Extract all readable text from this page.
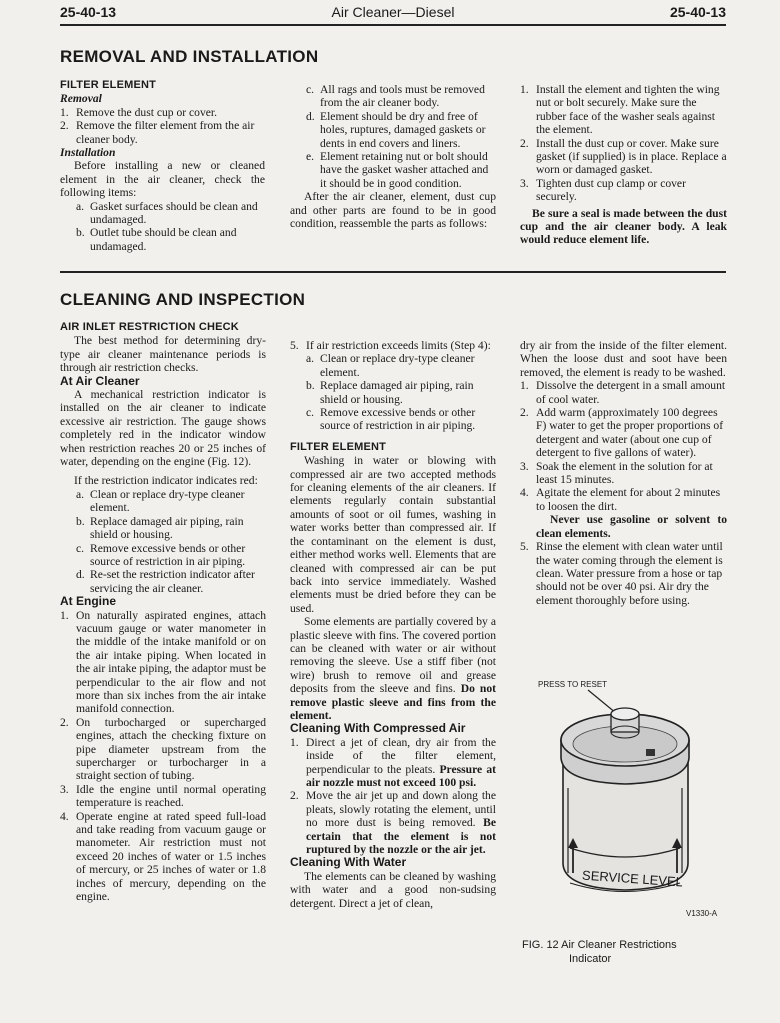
25-40-13	Air Cleaner—Diesel	25-40-13
REMOVAL AND INSTALLATION

FILTER ELEMENT

Removal

1. Remove the dust cup or cover.
2. Remove the filter element from the air cleaner body.

Installation

Before installing a new or cleaned element in the air cleaner, check the following items:

a. Gasket surfaces should be clean and undamaged.
b. Outlet tube should be clean and undamaged.
c. All rags and tools must be removed from the air cleaner body.
d. Element should be dry and free of holes, ruptures, damaged gaskets or dents in end covers and liners.
e. Element retaining nut or bolt should have the gasket washer attached and it should be in good condition.

After the air cleaner, element, dust cup and other parts are found to be in good condition, reassemble the parts as follows:

1. Install the element and tighten the wing nut or bolt securely. Make sure the rubber face of the washer seals against the element.
2. Install the dust cup or cover. Make sure gasket (if supplied) is in place. Replace a worn or damaged gasket.
3. Tighten dust cup clamp or cover securely.

Be sure a seal is made between the dust cup and the air cleaner body. A leak would reduce element life.

CLEANING AND INSPECTION

AIR INLET RESTRICTION CHECK

The best method for determining dry-type air cleaner maintenance periods is through air restriction checks.

At Air Cleaner

A mechanical restriction indicator is installed on the air cleaner to indicate excessive air restriction. The gauge shows completely red in the indicator window when restriction reaches 20 or 25 inches of water, depending on the engine (Fig. 12).

If the restriction indicator indicates red:

a. Clean or replace dry-type cleaner element.
b. Replace damaged air piping, rain shield or housing.
c. Remove excessive bends or other source of restriction in air piping.
d. Re-set the restriction indicator after servicing the air cleaner.

At Engine

1. On naturally aspirated engines, attach vacuum gauge or water manometer in the middle of the intake manifold or on the air intake piping. When located in the air intake piping, the adaptor must be perpendicular to the air flow and not more than six inches from the air intake manifold connection.
2. On turbocharged or supercharged engines, attach the checking fixture on pipe diameter upstream from the supercharger or turbocharger in a straight section of tubing.
3. Idle the engine until normal operating temperature is reached.
4. Operate engine at rated speed full-load and take reading from vacuum gauge or manometer. Air restriction must not exceed 20 inches of water or 1.5 inches of mercury, or 25 inches of water or 1.8 inches of mercury, depending on the engine.
5. If air restriction exceeds limits (Step 4):
a. Clean or replace dry-type cleaner element.
b. Replace damaged air piping, rain shield or housing.
c. Remove excessive bends or other source of restriction in air piping.

FILTER ELEMENT

Washing in water or blowing with compressed air are two accepted methods for cleaning elements of the air cleaners. If elements regularly contain substantial amounts of soot or oil fumes, washing in water works better than compressed air. If the contaminant on the element is dust, either method works well. Elements that are cleaned with compressed air can be put back into service immediately. Washed elements must be dried before they can be used.

Some elements are partially covered by a plastic sleeve with fins. The covered portion can be cleaned with water or air without removing the sleeve. Use a stiff fiber (not wire) brush to remove oil and grease deposits from the sleeve and fins. Do not remove plastic sleeve and fins from the element.

Cleaning With Compressed Air

1. Direct a jet of clean, dry air from the inside of the filter element, perpendicular to the pleats. Pressure at air nozzle must not exceed 100 psi.
2. Move the air jet up and down along the pleats, slowly rotating the element, until no more dust is being removed. Be certain that the element is not ruptured by the nozzle or the air jet.

Cleaning With Water

The elements can be cleaned by washing with water and a good non-sudsing detergent. Direct a jet of clean,

dry air from the inside of the filter element. When the loose dust and soot have been removed, the element is ready to be washed.

1. Dissolve the detergent in a small amount of cool water.
2. Add warm (approximately 100 degrees F) water to get the proper proportions of detergent and water (about one cup of detergent to five gallons of water).
3. Soak the element in the solution for at least 15 minutes.
4. Agitate the element for about 2 minutes to loosen the dirt.

Never use gasoline or solvent to clean elements.

5. Rinse the element with clean water until the water coming through the element is clean. Water pressure from a hose or tap should not be over 40 psi. Air dry the element thoroughly before using.
PRESS TO RESET
SERVICE LEVEL
V1330-A
FIG. 12 Air Cleaner Restrictions
Indicator
